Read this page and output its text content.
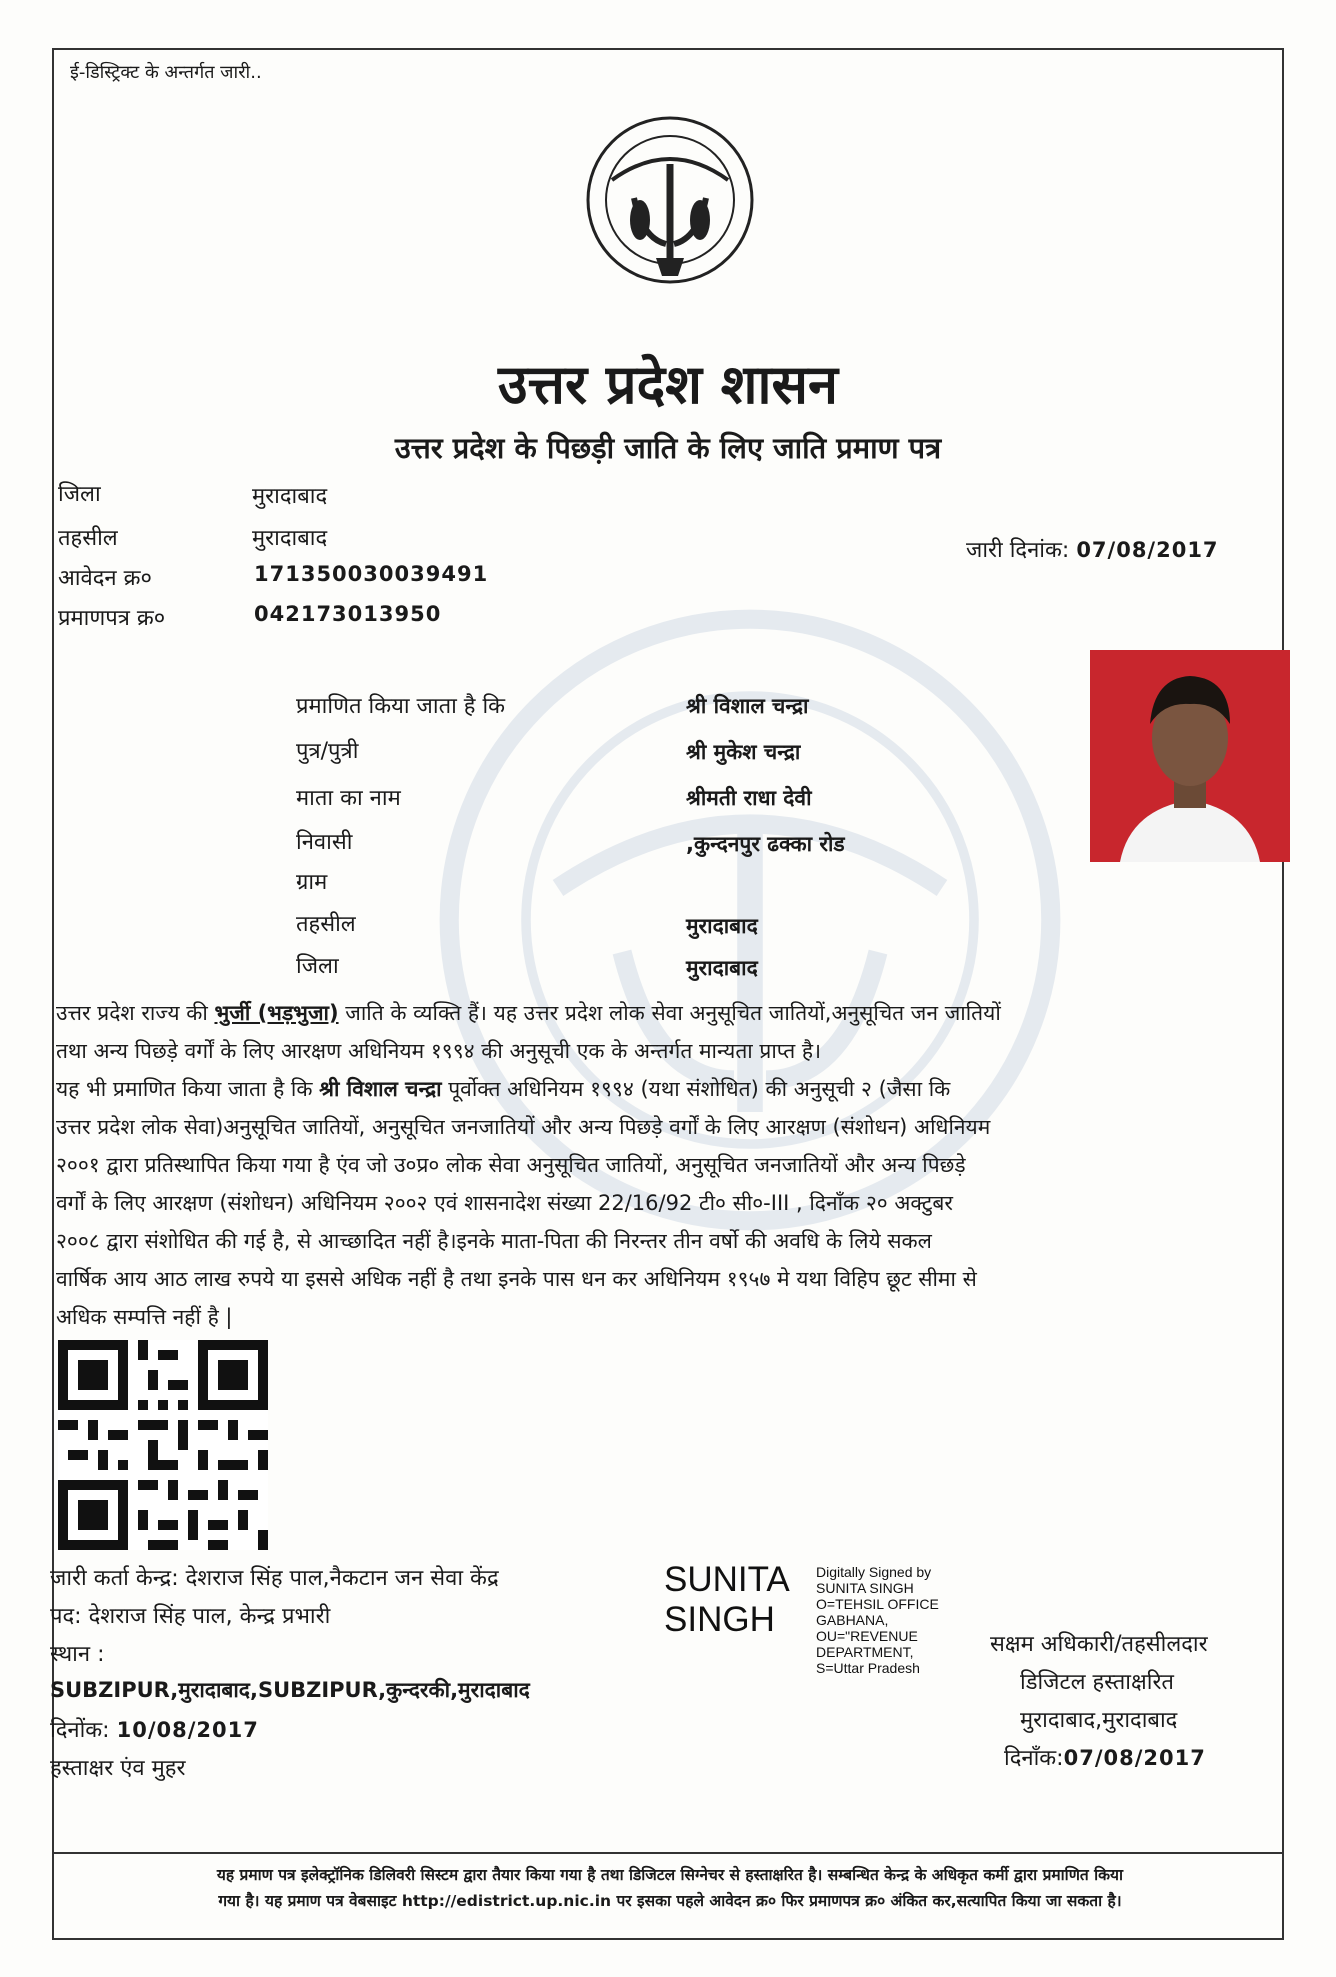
ई-डिस्ट्रिक्ट के अन्तर्गत जारी..
उत्तर प्रदेश शासन
उत्तर प्रदेश के पिछड़ी जाति के लिए जाति प्रमाण पत्र
जिला	मुरादाबाद
तहसील	मुरादाबाद
आवेदन क्र०	171350030039491
प्रमाणपत्र क्र०	042173013950
जारी दिनांक: 07/08/2017
प्रमाणित किया जाता है कि	श्री विशाल चन्द्रा
पुत्र/पुत्री	श्री मुकेश चन्द्रा
माता का नाम	श्रीमती राधा देवी
निवासी	,कुन्दनपुर ढक्का रोड
ग्राम
तहसील	मुरादाबाद
जिला	मुरादाबाद
उत्तर प्रदेश राज्य की भुर्जी (भड़भुजा) जाति के व्यक्ति हैं। यह उत्तर प्रदेश लोक सेवा अनुसूचित जातियों,अनुसूचित जन जातियों
तथा अन्य पिछड़े वर्गों के लिए आरक्षण अधिनियम १९९४ की अनुसूची एक के अन्तर्गत मान्यता प्राप्त है।
यह भी प्रमाणित किया जाता है कि श्री विशाल चन्द्रा पूर्वोक्त अधिनियम १९९४ (यथा संशोधित) की अनुसूची २ (जैसा कि
उत्तर प्रदेश लोक सेवा)अनुसूचित जातियों, अनुसूचित जनजातियों और अन्य पिछड़े वर्गों के लिए आरक्षण (संशोधन) अधिनियम
२००१ द्वारा प्रतिस्थापित किया गया है एंव जो उ०प्र० लोक सेवा अनुसूचित जातियों, अनुसूचित जनजातियों और अन्य पिछड़े
वर्गों के लिए आरक्षण (संशोधन) अधिनियम २००२ एवं शासनादेश संख्या 22/16/92 टी० सी०-III , दिनाँक २० अक्टुबर
२००८ द्वारा संशोधित की गई है, से आच्छादित नहीं है।इनके माता-पिता की निरन्तर तीन वर्षो की अवधि के लिये सकल
वार्षिक आय आठ लाख रुपये या इससे अधिक नहीं है तथा इनके पास धन कर अधिनियम १९५७ मे यथा विहिप छूट सीमा से
अधिक सम्पत्ति नहीं है |
जारी कर्ता केन्द्र: देशराज सिंह पाल,नैकटान जन सेवा केंद्र
पद: देशराज सिंह पाल, केन्द्र प्रभारी
स्थान :
SUBZIPUR,मुरादाबाद,SUBZIPUR,कुन्दरकी,मुरादाबाद
दिनोंक: 10/08/2017
हस्ताक्षर एंव मुहर
SUNITA
SINGH
Digitally Signed by
SUNITA SINGH
O=TEHSIL OFFICE
GABHANA,
OU="REVENUE
DEPARTMENT,
S=Uttar Pradesh
सक्षम अधिकारी/तहसीलदार
डिजिटल हस्ताक्षरित
मुरादाबाद,मुरादाबाद
दिनाँक:07/08/2017
यह प्रमाण पत्र इलेक्ट्रॉनिक डिलिवरी सिस्टम द्वारा तैयार किया गया है तथा डिजिटल सिग्नेचर से हस्ताक्षरित है। सम्बन्धित केन्द्र के अधिकृत कर्मी द्वारा प्रमाणित किया
गया है। यह प्रमाण पत्र वेबसाइट http://edistrict.up.nic.in पर इसका पहले आवेदन क्र० फिर प्रमाणपत्र क्र० अंकित कर,सत्यापित किया जा सकता है।
